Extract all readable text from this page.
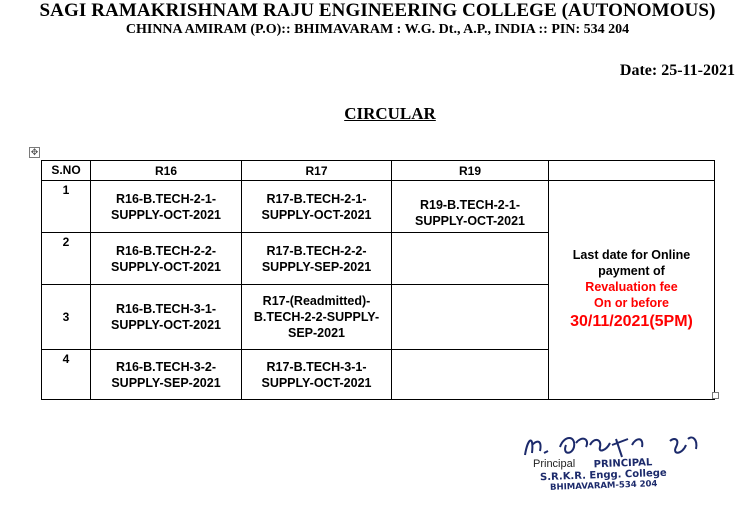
SAGI RAMAKRISHNAM RAJU ENGINEERING COLLEGE (AUTONOMOUS)
CHINNA AMIRAM (P.O):: BHIMAVARAM : W.G. Dt., A.P., INDIA :: PIN: 534 204
Date: 25-11-2021
CIRCULAR
✥
S.NO	R16	R17	R19	
1	R16-B.TECH-2-1-SUPPLY-OCT-2021	R17-B.TECH-2-1-SUPPLY-OCT-2021	R19-B.TECH-2-1-SUPPLY-OCT-2021	Last date for Online
payment of
Revaluation fee
On or before
30/11/2021(5PM)

2	R16-B.TECH-2-2-SUPPLY-OCT-2021	R17-B.TECH-2-2-SUPPLY-SEP-2021		

3	R16-B.TECH-3-1-SUPPLY-OCT-2021	R17-(Readmitted)-B.TECH-2-2-SUPPLY-SEP-2021		

4	R16-B.TECH-3-2-SUPPLY-SEP-2021	R17-B.TECH-3-1-SUPPLY-OCT-2021		

Principal	PRINCIPAL
S.R.K.R. Engg. College
BHIMAVARAM-534 204
